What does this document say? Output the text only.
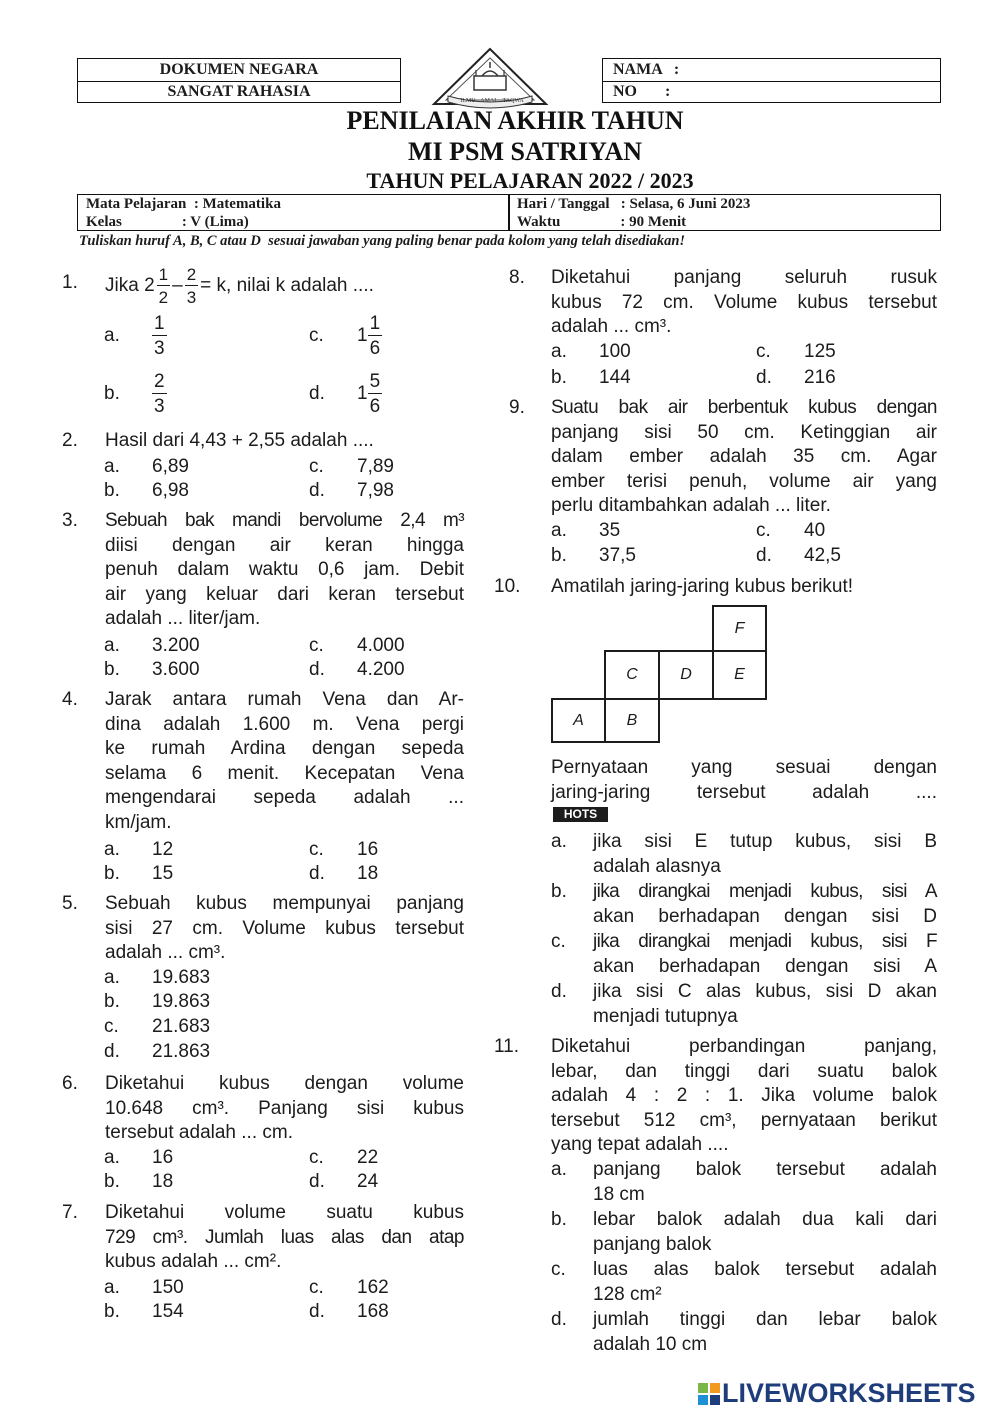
DOKUMEN NEGARA
SANGAT RAHASIA
NAMA   :
NO       :
ILMU · AMAL · TAQWA
PENILAIAN AKHIR TAHUN
MI PSM SATRIYAN
TAHUN PELAJARAN 2022 / 2023
Mata Pelajaran  : Matematika
Kelas                : V (Lima)
Hari / Tanggal   : Selasa, 6 Juni 2023
Waktu                : 90 Menit
Tuliskan huruf A, B, C atau D  sesuai jawaban yang paling benar pada kolom yang telah disediakan!
1. Jika $2 \frac{1}{2} - \frac{2}{3} = k$, nilai k adalah ....
a.	$\frac{1}{3}$
b.	$\frac{2}{3}$
c.	$1 \frac{1}{6}$
d.	$1 \frac{5}{6}$
2. Hasil dari 4,43 + 2,55 adalah ....
a. 6,89
b. 6,98
c. 7,89
d. 7,98
3. Sebuah bak mandi bervolume 2,4 m³
diisi dengan air keran hingga
penuh dalam waktu 0,6 jam. Debit
air yang keluar dari keran tersebut
adalah ... liter/jam.
a. 3.200
b. 3.600
c. 4.000
d. 4.200
4. Jarak antara rumah Vena dan Ar-
dina adalah 1.600 m. Vena pergi
ke rumah Ardina dengan sepeda
selama 6 menit. Kecepatan Vena
mengendarai sepeda adalah ...
km/jam.
a. 12
b. 15
c. 16
d. 18
5. Sebuah kubus mempunyai panjang
sisi 27 cm. Volume kubus tersebut
adalah ... cm³.
a. 19.683
b. 19.863
c. 21.683
d. 21.863
6. Diketahui kubus dengan volume
10.648 cm³. Panjang sisi kubus
tersebut adalah ... cm.
a. 16
b. 18
c. 22
d. 24
7. Diketahui volume suatu kubus
729 cm³. Jumlah luas alas dan atap
kubus adalah ... cm².
a. 150
b. 154
c. 162
d. 168
8. Diketahui panjang seluruh rusuk
kubus 72 cm. Volume kubus tersebut
adalah ... cm³.
a. 100
b. 144
c. 125
d. 216
9. Suatu bak air berbentuk kubus dengan
panjang sisi 50 cm. Ketinggian air
dalam ember adalah 35 cm. Agar
ember terisi penuh, volume air yang
perlu ditambahkan adalah ... liter.
a. 35
b. 37,5
c. 40
d. 42,5
10. Amatilah jaring-jaring kubus berikut!
F
C	D	E
A	B
Pernyataan yang sesuai dengan
jaring-jaring tersebut adalah ....
HOTS
a. jika sisi E tutup kubus, sisi B
adalah alasnya
b. jika dirangkai menjadi kubus, sisi A
akan berhadapan dengan sisi D
c. jika dirangkai menjadi kubus, sisi F
akan berhadapan dengan sisi A
d. jika sisi C alas kubus, sisi D akan
menjadi tutupnya
11. Diketahui perbandingan panjang,
lebar, dan tinggi dari suatu balok
adalah 4 : 2 : 1. Jika volume balok
tersebut 512 cm³, pernyataan berikut
yang tepat adalah ....
a. panjang balok tersebut adalah
18 cm
b. lebar balok adalah dua kali dari
panjang balok
c. luas alas balok tersebut adalah
128 cm²
d. jumlah tinggi dan lebar balok
adalah 10 cm
LIVEWORKSHEETS
